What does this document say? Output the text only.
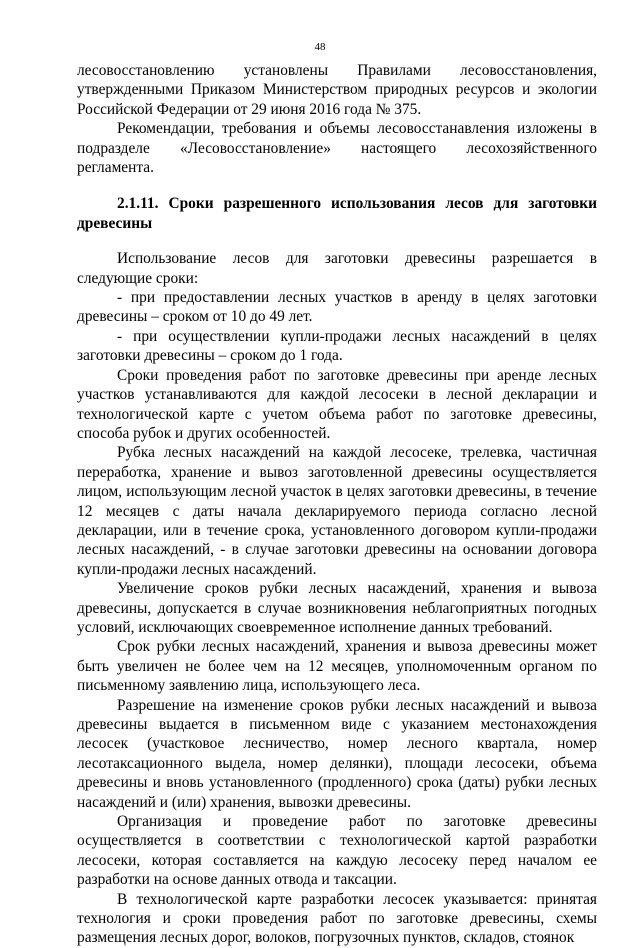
48

лесовосстановлению установлены Правилами лесовосстановления, утвержденными Приказом Министерством природных ресурсов и экологии Российской Федерации от 29 июня 2016 года № 375.

Рекомендации, требования и объемы лесовосстанавления изложены в подразделе «Лесовосстановление» настоящего лесохозяйственного регламента.

2.1.11. Сроки разрешенного использования лесов для заготовки древесины

Использование лесов для заготовки древесины разрешается в следующие сроки:

- при предоставлении лесных участков в аренду в целях заготовки древесины – сроком от 10 до 49 лет.

- при осуществлении купли-продажи лесных насаждений в целях заготовки древесины – сроком до 1 года.

Сроки проведения работ по заготовке древесины при аренде лесных участков устанавливаются для каждой лесосеки в лесной декларации и технологической карте с учетом объема работ по заготовке древесины, способа рубок и других особенностей.

Рубка лесных насаждений на каждой лесосеке, трелевка, частичная переработка, хранение и вывоз заготовленной древесины осуществляется лицом, использующим лесной участок в целях заготовки древесины, в течение 12 месяцев с даты начала декларируемого периода согласно лесной декларации, или в течение срока, установленного договором купли-продажи лесных насаждений, - в случае заготовки древесины на основании договора купли-продажи лесных насаждений.

Увеличение сроков рубки лесных насаждений, хранения и вывоза древесины, допускается в случае возникновения неблагоприятных погодных условий, исключающих своевременное исполнение данных требований.

Срок рубки лесных насаждений, хранения и вывоза древесины может быть увеличен не более чем на 12 месяцев, уполномоченным органом по письменному заявлению лица, использующего леса.

Разрешение на изменение сроков рубки лесных насаждений и вывоза древесины выдается в письменном виде с указанием местонахождения лесосек (участковое лесничество, номер лесного квартала, номер лесотаксационного выдела, номер делянки), площади лесосеки, объема древесины и вновь установленного (продленного) срока (даты) рубки лесных насаждений и (или) хранения, вывозки древесины.

Организация и проведение работ по заготовке древесины осуществляется в соответствии с технологической картой разработки лесосеки, которая составляется на каждую лесосеку перед началом ее разработки на основе данных отвода и таксации.

В технологической карте разработки лесосек указывается: принятая технология и сроки проведения работ по заготовке древесины, схемы размещения лесных дорог, волоков, погрузочных пунктов, складов, стоянок
